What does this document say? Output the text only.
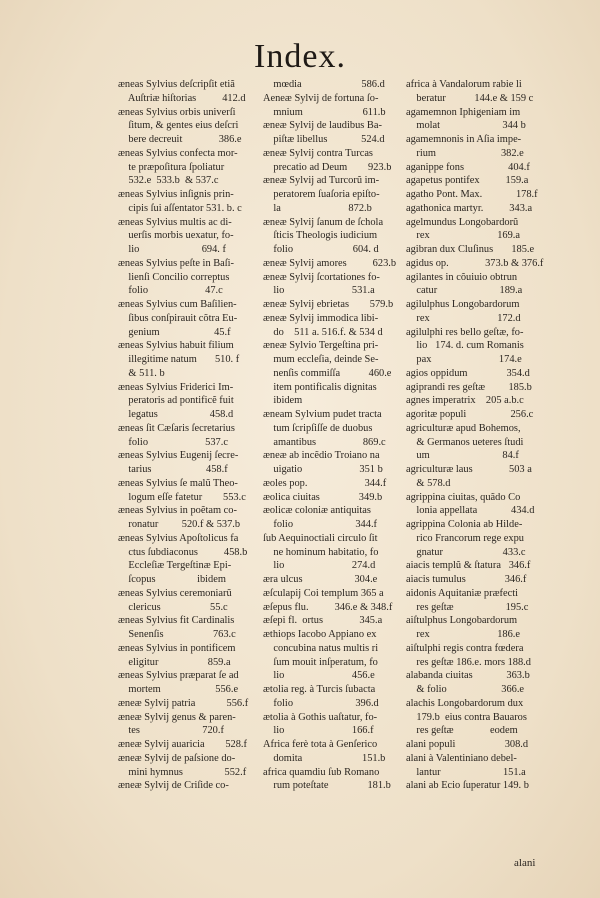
Index.
ӕneas Sylvius deſcripſit etiã
Auſtriӕ hiſtorias          412.d
ӕneas Sylvius orbis univerſi
ſitum, & gentes eius deſcri
bere decreuit              386.e
ӕneas Sylvius confecta mor-
te præpoſitura ſpoliatur
532.e  533.b  & 537.c
ӕneas Sylvius inſignis prin-
cipis ſui aſſentator 531. b. c
ӕneas Sylvius multis ac di-
uerſis morbis uexatur, fo-
lio                        694. f
ӕneas Sylvius peſte in Baſi-
lienſi Concilio correptus
folio                      47.c
ӕneas Sylvius cum Baſilien-
ſibus conſpirauit cõtra Eu-
genium                     45.f
ӕneas Sylvius habuit filium
illegitime natum       510. f
& 511. b
ӕneas Sylvius Friderici Im-
peratoris ad pontificẽ fuit
legatus                    458.d
ӕneas ſit Cæſaris ſecretarius
folio                      537.c
ӕneas Sylvius Eugenij ſecre-
tarius                     458.f
ӕneas Sylvius ſe malũ Theo-
logum eſſe fatetur        553.c
ӕneas Sylvius in poẽtam co-
ronatur         520.f & 537.b
ӕneas Sylvius Apoſtolicus fa
ctus ſubdiaconus          458.b
Eccleſiæ Tergeſtinæ Epi-
ſcopus                ibidem
ӕneas Sylvius ceremoniarũ
clericus                   55.c
ӕneas Sylvius fit Cardinalis
Senenſis                   763.c
ӕneas Sylvius in pontificem
eligitur                   859.a
ӕneas Sylvius præparat ſe ad
mortem                     556.e
ӕneӕ Sylvij patria            556.f
ӕneӕ Sylvij genus & paren-
tes                        720.f
ӕneӕ Sylvij auaricia        528.f
ӕneӕ Sylvij de paſsione do-
mini hymnus                552.f
ӕneӕ Sylvij de Criſide co-
mœdia                       586.d
Aeneӕ Sylvij de fortuna ſo-
mnium                       611.b
ӕneӕ Sylvij de laudibus Ba-
piſtӕ libellus             524.d
ӕneӕ Sylvij contra Turcas
precatio ad Deum        923.b
ӕneӕ Sylvij ad Turcorũ im-
peratorem ſuaſoria epiſto-
la                          872.b
ӕneӕ Sylvij ſanum de ſchola
ſticis Theologis iudicium
folio                       604. d
ӕneӕ Sylvij amores          623.b
ӕneӕ Sylvij ſcortationes fo-
lio                          531.a
ӕneӕ Sylvij ebrietas        579.b
ӕneӕ Sylvij immodica libi-
do    511 a. 516.f. & 534 d
ӕneӕ Sylvio Tergeſtina pri-
mum eccleſia, deinde Se-
nenſis commiſſa           460.e
item pontificalis dignitas
ibidem
ӕneam Sylvium pudet tracta
tum ſcripſiſſe de duobus
amantibus                  869.c
ӕneӕ ab incẽdio Troiano na
uigatio                      351 b
ӕoles pop.                      344.f
ӕolica ciuitas               349.b
ӕolicӕ coloniӕ antiquitas
folio                        344.f
ſub Aequinoctiali circulo ſit
ne hominum habitatio, fo
lio                          274.d
ӕra ulcus                    304.e
ӕſculapij Coi templum 365 a
ӕſepus flu.          346.e & 348.f
ӕſepi fl.  ortus              345.a
ӕthiops Iacobo Appiano ex
concubina natus multis ri
ſum mouit inſperatum, fo
lio                          456.e
ӕtolia reg. à Turcis ſubacta
folio                        396.d
ӕtolia à Gothis uaſtatur, fo-
lio                          166.f
Africa ferè tota à Genſerico
domita                       151.b
africa quamdiu ſub Romano
rum poteſtate               181.b
africa à Vandalorum rabie li
beratur           144.e & 159 c
agamemnon Iphigeniam im
molat                        344 b
agamemnonis in Aſia impe-
rium                         382.e
aganippe fons                 404.f
agapetus pontifex          159.a
agatho Pont. Max.             178.f
agathonica martyr.          343.a
agelmundus Longobardorũ
rex                          169.a
agibran dux Cluſinus       185.e
agidus op.              373.b & 376.f
agilantes in cõuiuio obtrun
catur                        189.a
agilulphus Longobardorum
rex                          172.d
agilulphi res bello geſtӕ, fo-
lio   174. d. cum Romanis
pax                          174.e
agios oppidum               354.d
agiprandi res geſtӕ         185.b
agnes imperatrix    205 a.b.c
agoritӕ populi                 256.c
agriculturӕ apud Bohemos,
& Germanos ueteres ſtudi
um                            84.f
agriculturӕ laus              503 a
& 578.d
agrippina ciuitas, quãdo Co
lonia appellata             434.d
agrippina Colonia ab Hilde-
rico Francorum rege expu
gnatur                       433.c
aiacis templũ & ſtatura   346.f
aiacis tumulus               346.f
aidonis Aquitaniӕ prӕfecti
res geſtӕ                    195.c
aiſtulphus Longobardorum
rex                          186.e
aiſtulphi regis contra fœdera
res geſtӕ 186.e. mors 188.d
alabanda ciuitas             363.b
& folio                     366.e
alachis Longobardorum dux
179.b  eius contra Bauaros
res geſtӕ              eodem
alani populi                   308.d
alani à Valentiniano debel-
lantur                        151.a
alani ab Ecio ſuperatur 149. b
alani
